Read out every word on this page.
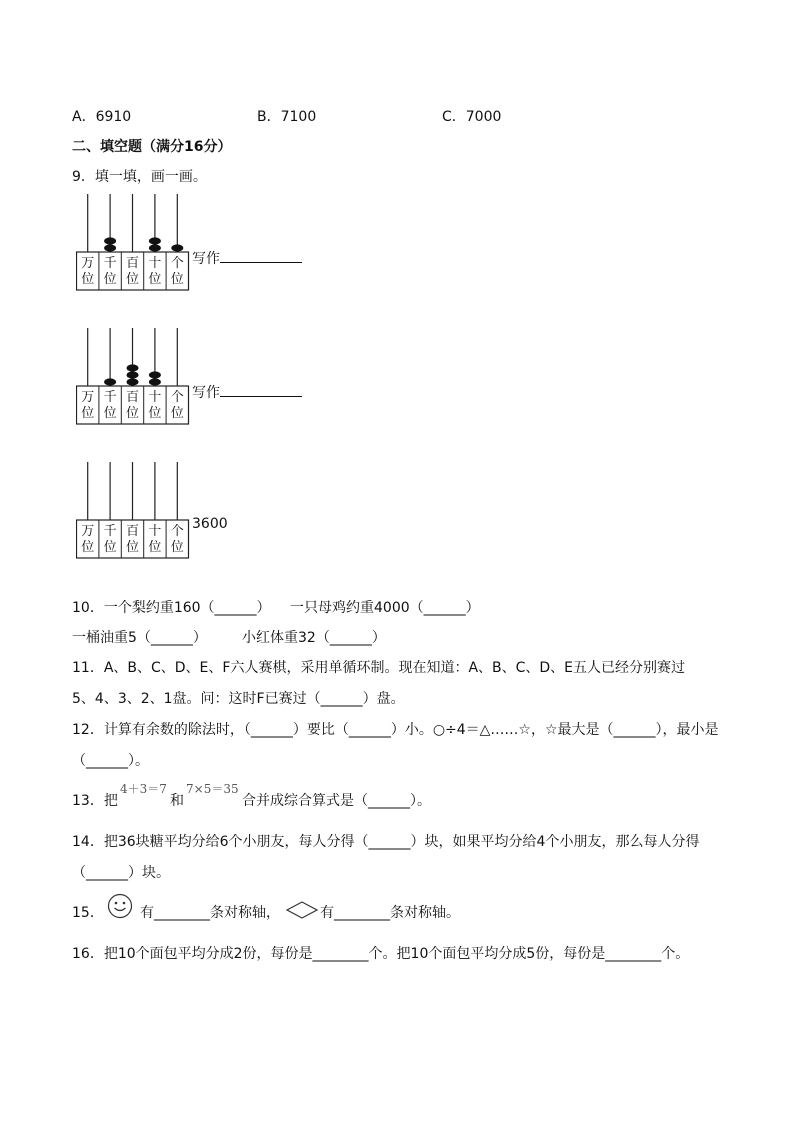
A．6910	B．7100	C．7000
二、填空题（满分16分）
9．填一填，画一画。
万
位
千
位
百
位
十
位
个
位
写作
万
位
千
位
百
位
十
位
个
位
写作
万
位
千
位
百
位
十
位
个
位
3600
10．一个梨约重160（______） 一只母鸡约重4000（______）
一桶油重5（______）	小红体重32（______）
11．A、B、C、D、E、F六人赛棋，采用单循环制。现在知道：A、B、C、D、E五人已经分别赛过
5、4、3、2、1盘。问：这时F已赛过（______）盘。
12．计算有余数的除法时，（______）要比（______）小。○÷4＝△……☆，☆最大是（______），最小是
（______）。
13．把
4＋3＝7
和
7×5＝35
合并成综合算式是（______）。
14．把36块糖平均分给6个小朋友，每人分得（______）块，如果平均分给4个小朋友，那么每人分得
（______）块。
15．	有________条对称轴，	有________条对称轴。
16．把10个面包平均分成2份，每份是________个。把10个面包平均分成5份，每份是________个。
